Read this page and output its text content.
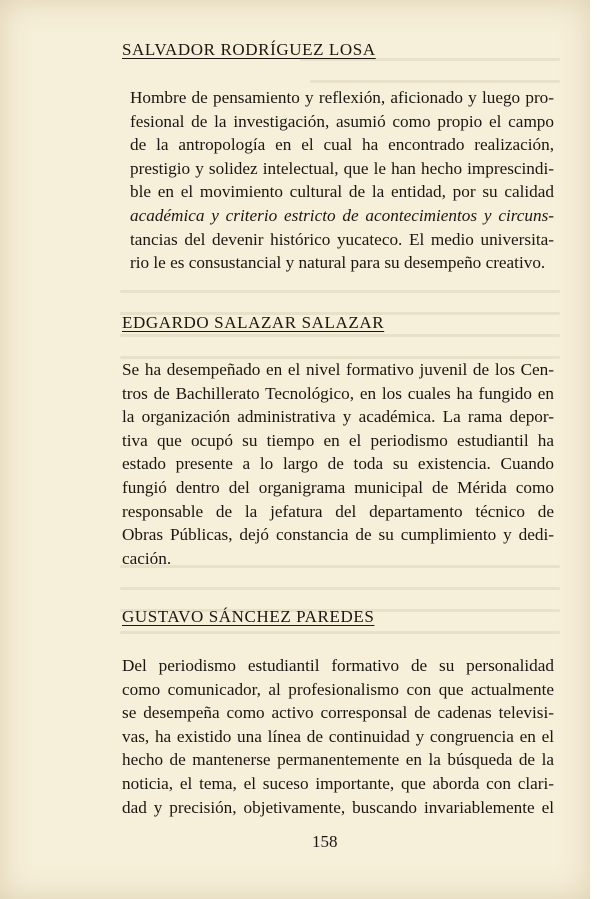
SALVADOR RODRÍGUEZ LOSA
Hombre de pensamiento y reflexión, aficionado y luego pro-
fesional de la investigación, asumió como propio el campo
de la antropología en el cual ha encontrado realización,
prestigio y solidez intelectual, que le han hecho imprescindi-
ble en el movimiento cultural de la entidad, por su calidad
académica y criterio estricto de acontecimientos y circuns-
tancias del devenir histórico yucateco. El medio universita-
rio le es consustancial y natural para su desempeño creativo.
EDGARDO SALAZAR SALAZAR
Se ha desempeñado en el nivel formativo juvenil de los Cen-
tros de Bachillerato Tecnológico, en los cuales ha fungido en
la organización administrativa y académica. La rama depor-
tiva que ocupó su tiempo en el periodismo estudiantil ha
estado presente a lo largo de toda su existencia. Cuando
fungió dentro del organigrama municipal de Mérida como
responsable de la jefatura del departamento técnico de
Obras Públicas, dejó constancia de su cumplimiento y dedi-
cación.
GUSTAVO SÁNCHEZ PAREDES
Del periodismo estudiantil formativo de su personalidad
como comunicador, al profesionalismo con que actualmente
se desempeña como activo corresponsal de cadenas televisi-
vas, ha existido una línea de continuidad y congruencia en el
hecho de mantenerse permanentemente en la búsqueda de la
noticia, el tema, el suceso importante, que aborda con clari-
dad y precisión, objetivamente, buscando invariablemente el
158
